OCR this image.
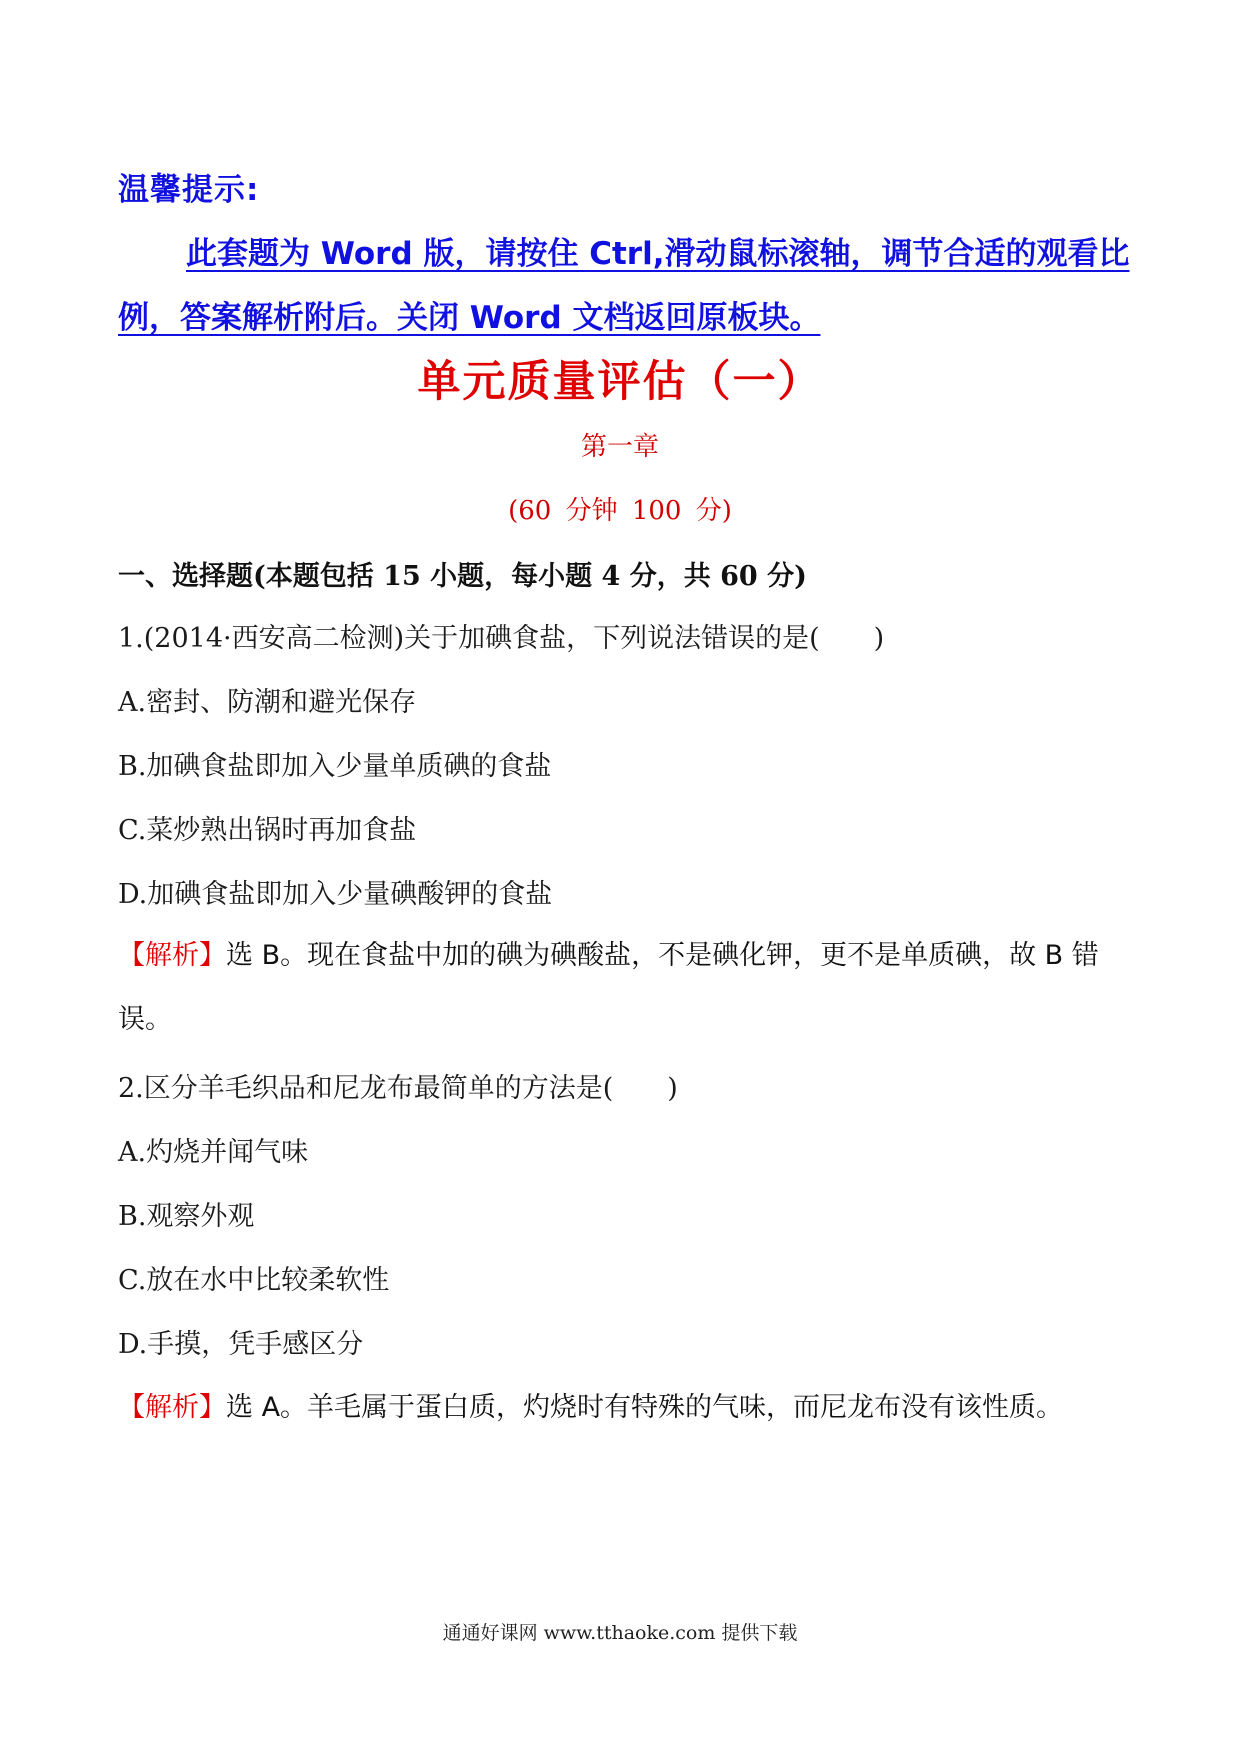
温馨提示:
此套题为 Word 版，请按住 Ctrl,滑动鼠标滚轴，调节合适的观看比例，答案解析附后。关闭 Word 文档返回原板块。
单元质量评估（一）
第一章
(60 分钟 100 分)
一、选择题(本题包括 15 小题，每小题 4 分，共 60 分)
1.(2014·西安高二检测)关于加碘食盐，下列说法错误的是(　　)
A.密封、防潮和避光保存
B.加碘食盐即加入少量单质碘的食盐
C.菜炒熟出锅时再加食盐
D.加碘食盐即加入少量碘酸钾的食盐
【解析】选 B。现在食盐中加的碘为碘酸盐，不是碘化钾，更不是单质碘，故 B 错误。
2.区分羊毛织品和尼龙布最简单的方法是(　　)
A.灼烧并闻气味
B.观察外观
C.放在水中比较柔软性
D.手摸，凭手感区分
【解析】选 A。羊毛属于蛋白质，灼烧时有特殊的气味，而尼龙布没有该性质。
通通好课网 www.tthaoke.com 提供下载
